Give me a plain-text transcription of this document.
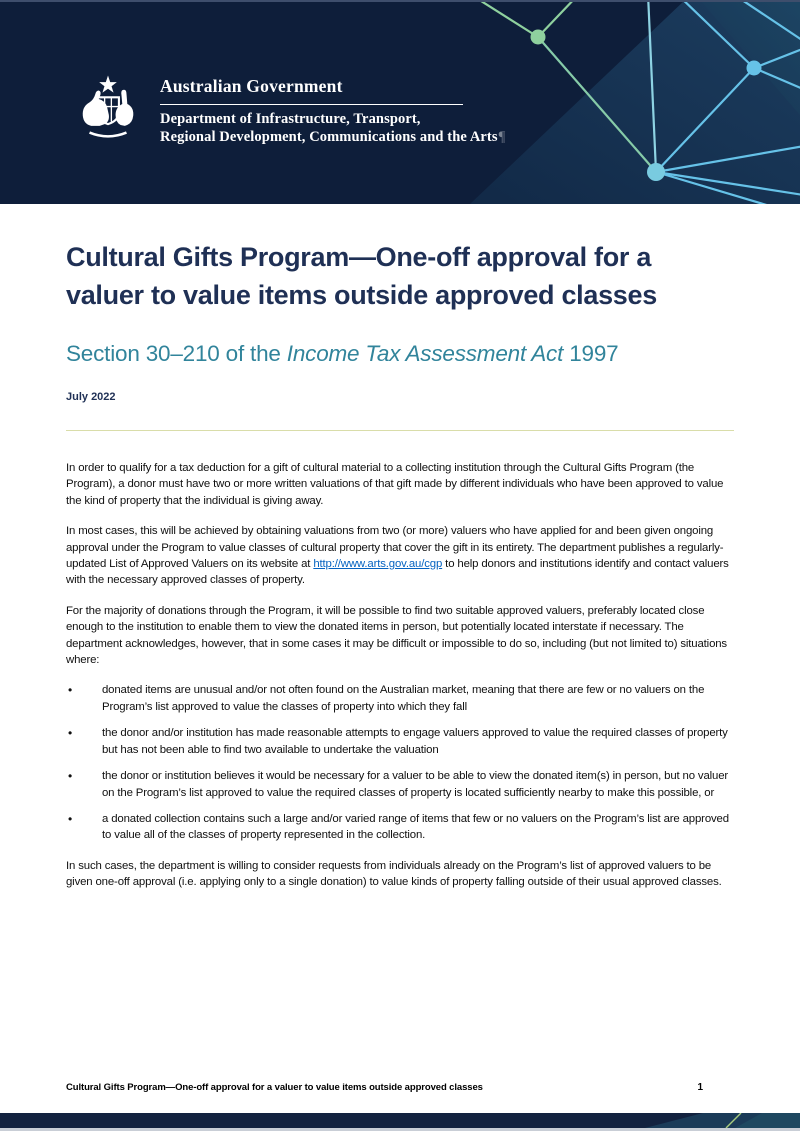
Australian Government
Department of Infrastructure, Transport,
Regional Development, Communications and the Arts¶
Cultural Gifts Program—One-off approval for a valuer to value items outside approved classes
Section 30–210 of the Income Tax Assessment Act 1997
July 2022

In order to qualify for a tax deduction for a gift of cultural material to a collecting institution through the Cultural Gifts Program (the Program), a donor must have two or more written valuations of that gift made by different individuals who have been approved to value the kind of property that the individual is giving away.

In most cases, this will be achieved by obtaining valuations from two (or more) valuers who have applied for and been given ongoing approval under the Program to value classes of cultural property that cover the gift in its entirety. The department publishes a regularly-updated List of Approved Valuers on its website at http://www.arts.gov.au/cgp to help donors and institutions identify and contact valuers with the necessary approved classes of property.

For the majority of donations through the Program, it will be possible to find two suitable approved valuers, preferably located close enough to the institution to enable them to view the donated items in person, but potentially located interstate if necessary. The department acknowledges, however, that in some cases it may be difficult or impossible to do so, including (but not limited to) situations where:

• donated items are unusual and/or not often found on the Australian market, meaning that there are few or no valuers on the Program’s list approved to value the classes of property into which they fall
• the donor and/or institution has made reasonable attempts to engage valuers approved to value the required classes of property but has not been able to find two available to undertake the valuation
• the donor or institution believes it would be necessary for a valuer to be able to view the donated item(s) in person, but no valuer on the Program’s list approved to value the required classes of property is located sufficiently nearby to make this possible, or
• a donated collection contains such a large and/or varied range of items that few or no valuers on the Program’s list are approved to value all of the classes of property represented in the collection.

In such cases, the department is willing to consider requests from individuals already on the Program’s list of approved valuers to be given one-off approval (i.e. applying only to a single donation) to value kinds of property falling outside of their usual approved classes.

Cultural Gifts Program—One-off approval for a valuer to value items outside approved classes	1
